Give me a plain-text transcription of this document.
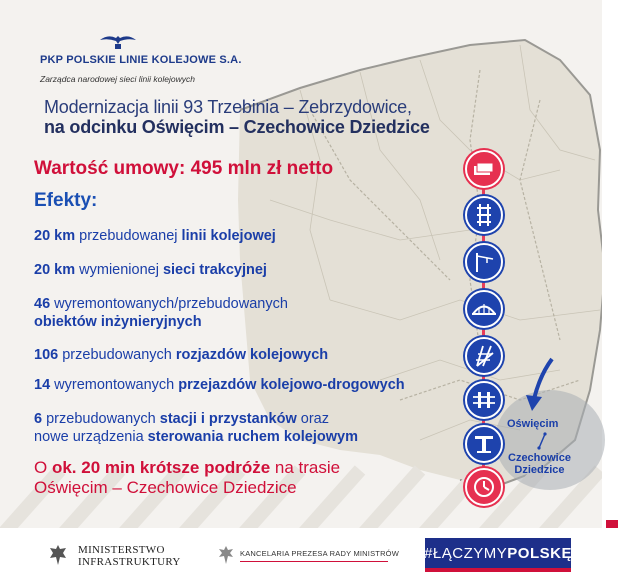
Oświęcim
Czechowice
Dziedzice
PKP POLSKIE LINIE KOLEJOWE S.A.
Zarządca narodowej sieci linii kolejowych
Modernizacja linii 93 Trzebinia – Zebrzydowice,
na odcinku Oświęcim – Czechowice Dziedzice
Wartość umowy: 495 mln zł netto
Efekty:
20 km przebudowanej linii kolejowej
20 km wymienionej sieci trakcyjnej
46 wyremontowanych/przebudowanych
obiektów inżynieryjnych
106 przebudowanych rozjazdów kolejowych
14 wyremontowanych przejazdów kolejowo-drogowych
6 przebudowanych stacji i przystanków oraz
nowe urządzenia sterowania ruchem kolejowym
O ok. 20 min krótsze podróże na trasie
Oświęcim – Czechowice Dziedzice
MINISTERSTWO
INFRASTRUKTURY
KANCELARIA PREZESA RADY MINISTRÓW #ŁĄCZYMYPOLSKĘ
